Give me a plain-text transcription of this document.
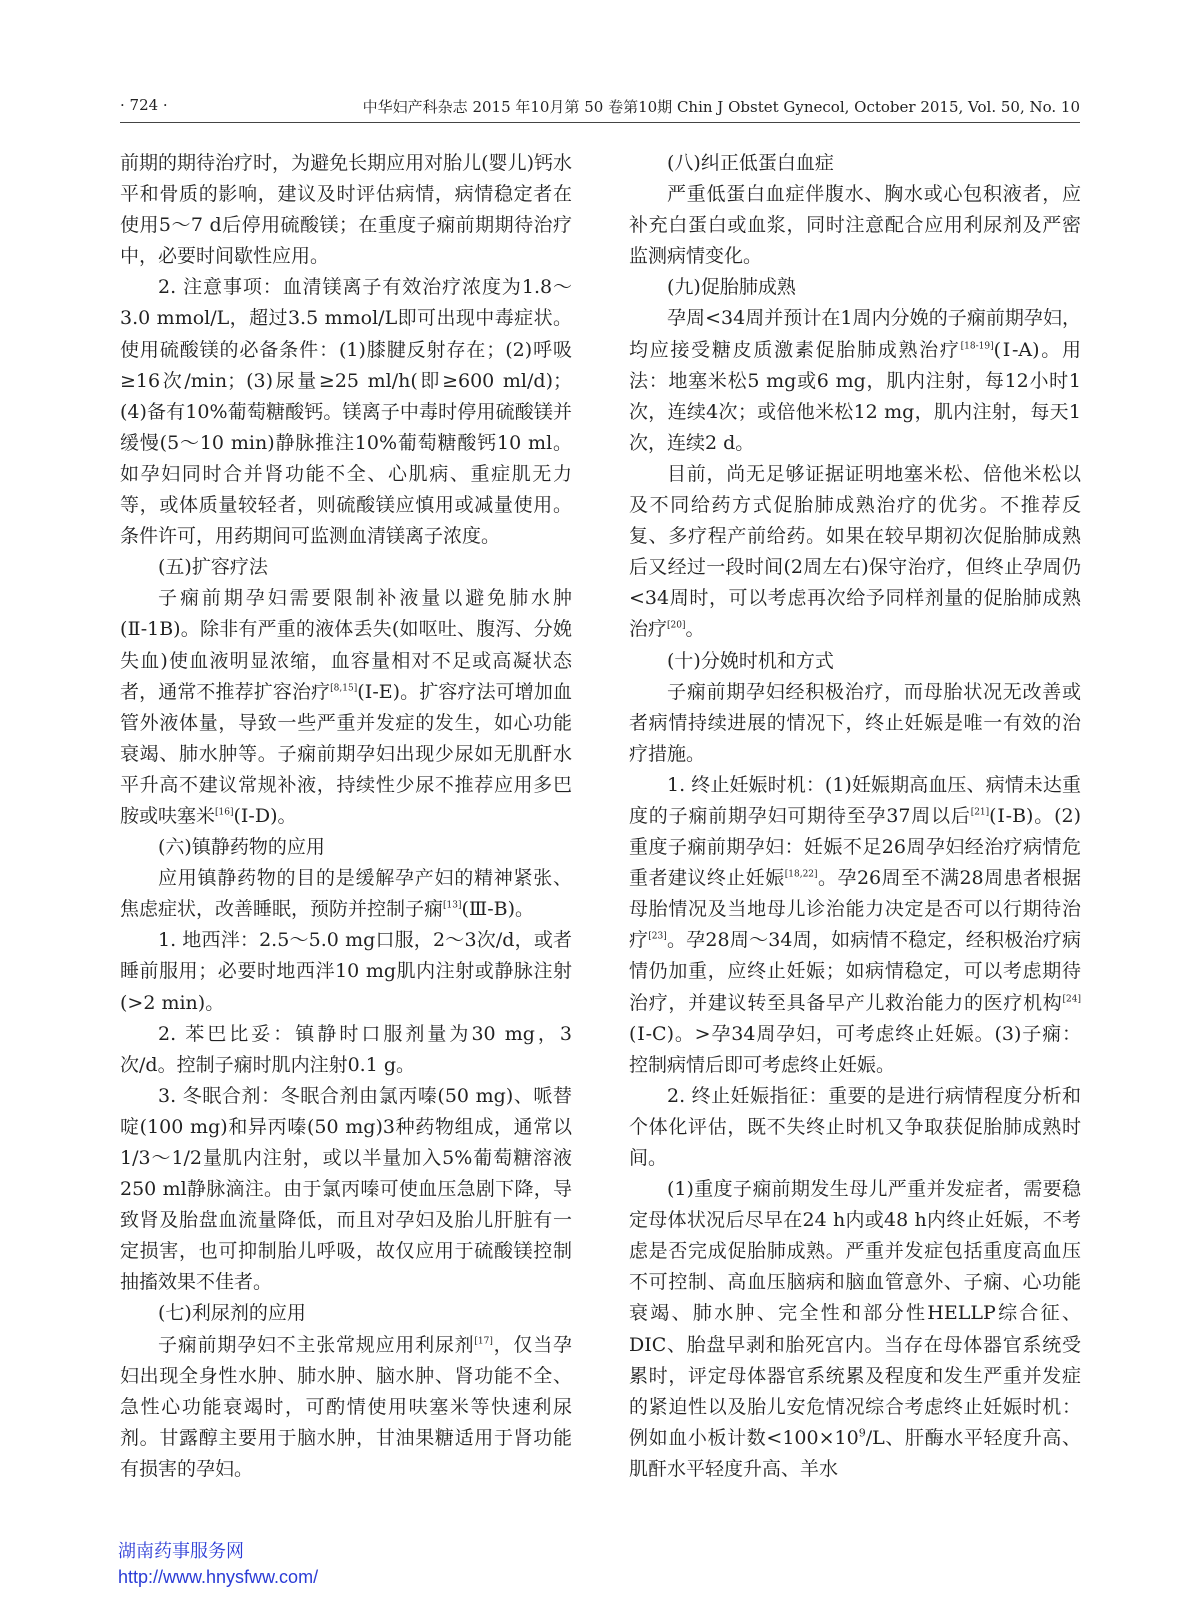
· 724 ·	中华妇产科杂志 2015 年10月第 50 卷第10期 Chin J Obstet Gynecol, October 2015, Vol. 50, No. 10

前期的期待治疗时，为避免长期应用对胎儿(婴儿)钙水平和骨质的影响，建议及时评估病情，病情稳定者在使用5～7 d后停用硫酸镁；在重度子痫前期期待治疗中，必要时间歇性应用。

2. 注意事项：血清镁离子有效治疗浓度为1.8～3.0 mmol/L，超过3.5 mmol/L即可出现中毒症状。使用硫酸镁的必备条件：(1)膝腱反射存在；(2)呼吸≥16次/min；(3)尿量≥25 ml/h(即≥600 ml/d)；(4)备有10%葡萄糖酸钙。镁离子中毒时停用硫酸镁并缓慢(5～10 min)静脉推注10%葡萄糖酸钙10 ml。如孕妇同时合并肾功能不全、心肌病、重症肌无力等，或体质量较轻者，则硫酸镁应慎用或减量使用。条件许可，用药期间可监测血清镁离子浓度。

(五)扩容疗法

子痫前期孕妇需要限制补液量以避免肺水肿(Ⅱ-1B)。除非有严重的液体丢失(如呕吐、腹泻、分娩失血)使血液明显浓缩，血容量相对不足或高凝状态者，通常不推荐扩容治疗[8,15](Ⅰ-E)。扩容疗法可增加血管外液体量，导致一些严重并发症的发生，如心功能衰竭、肺水肿等。子痫前期孕妇出现少尿如无肌酐水平升高不建议常规补液，持续性少尿不推荐应用多巴胺或呋塞米[16](Ⅰ-D)。

(六)镇静药物的应用

应用镇静药物的目的是缓解孕产妇的精神紧张、焦虑症状，改善睡眠，预防并控制子痫[13](Ⅲ-B)。

1. 地西泮：2.5～5.0 mg口服，2～3次/d，或者睡前服用；必要时地西泮10 mg肌内注射或静脉注射(>2 min)。

2. 苯巴比妥：镇静时口服剂量为30 mg，3次/d。控制子痫时肌内注射0.1 g。

3. 冬眠合剂：冬眠合剂由氯丙嗪(50 mg)、哌替啶(100 mg)和异丙嗪(50 mg)3种药物组成，通常以1/3～1/2量肌内注射，或以半量加入5%葡萄糖溶液250 ml静脉滴注。由于氯丙嗪可使血压急剧下降，导致肾及胎盘血流量降低，而且对孕妇及胎儿肝脏有一定损害，也可抑制胎儿呼吸，故仅应用于硫酸镁控制抽搐效果不佳者。

(七)利尿剂的应用

子痫前期孕妇不主张常规应用利尿剂[17]，仅当孕妇出现全身性水肿、肺水肿、脑水肿、肾功能不全、急性心功能衰竭时，可酌情使用呋塞米等快速利尿剂。甘露醇主要用于脑水肿，甘油果糖适用于肾功能有损害的孕妇。

(八)纠正低蛋白血症

严重低蛋白血症伴腹水、胸水或心包积液者，应补充白蛋白或血浆，同时注意配合应用利尿剂及严密监测病情变化。

(九)促胎肺成熟

孕周<34周并预计在1周内分娩的子痫前期孕妇，均应接受糖皮质激素促胎肺成熟治疗[18-19](Ⅰ-A)。用法：地塞米松5 mg或6 mg，肌内注射，每12小时1次，连续4次；或倍他米松12 mg，肌内注射，每天1次，连续2 d。

目前，尚无足够证据证明地塞米松、倍他米松以及不同给药方式促胎肺成熟治疗的优劣。不推荐反复、多疗程产前给药。如果在较早期初次促胎肺成熟后又经过一段时间(2周左右)保守治疗，但终止孕周仍<34周时，可以考虑再次给予同样剂量的促胎肺成熟治疗[20]。

(十)分娩时机和方式

子痫前期孕妇经积极治疗，而母胎状况无改善或者病情持续进展的情况下，终止妊娠是唯一有效的治疗措施。

1. 终止妊娠时机：(1)妊娠期高血压、病情未达重度的子痫前期孕妇可期待至孕37周以后[21](Ⅰ-B)。(2)重度子痫前期孕妇：妊娠不足26周孕妇经治疗病情危重者建议终止妊娠[18,22]。孕26周至不满28周患者根据母胎情况及当地母儿诊治能力决定是否可以行期待治疗[23]。孕28周～34周，如病情不稳定，经积极治疗病情仍加重，应终止妊娠；如病情稳定，可以考虑期待治疗，并建议转至具备早产儿救治能力的医疗机构[24](Ⅰ-C)。>孕34周孕妇，可考虑终止妊娠。(3)子痫：控制病情后即可考虑终止妊娠。

2. 终止妊娠指征：重要的是进行病情程度分析和个体化评估，既不失终止时机又争取获促胎肺成熟时间。

(1)重度子痫前期发生母儿严重并发症者，需要稳定母体状况后尽早在24 h内或48 h内终止妊娠，不考虑是否完成促胎肺成熟。严重并发症包括重度高血压不可控制、高血压脑病和脑血管意外、子痫、心功能衰竭、肺水肿、完全性和部分性HELLP综合征、DIC、胎盘早剥和胎死宫内。当存在母体器官系统受累时，评定母体器官系统累及程度和发生严重并发症的紧迫性以及胎儿安危情况综合考虑终止妊娠时机：例如血小板计数$<100\times 10^9/L$、肝酶水平轻度升高、肌酐水平轻度升高、羊水

湖南药事服务网
http://www.hnysfww.com/
